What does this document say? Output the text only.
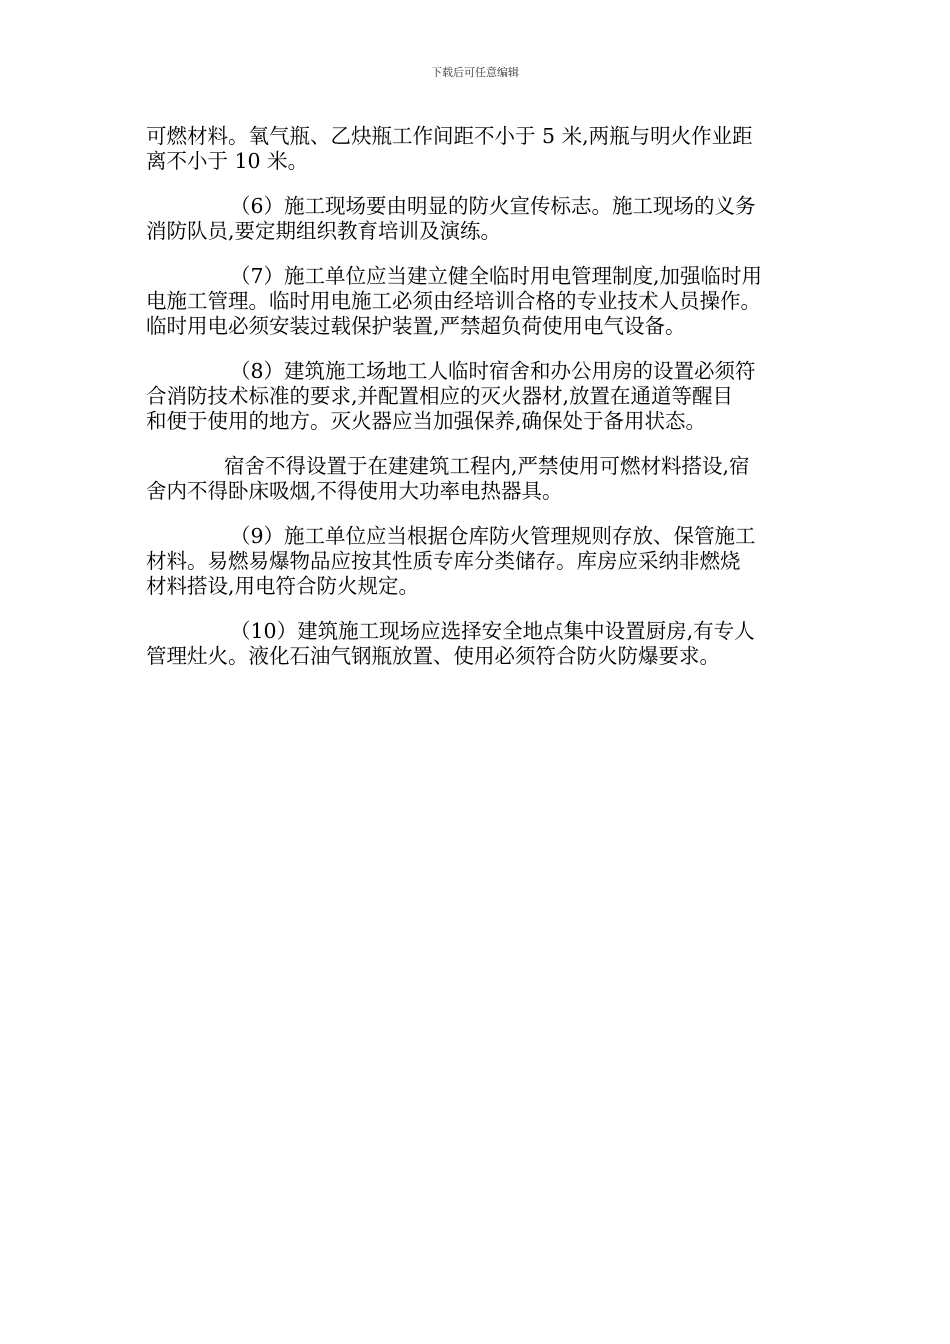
下载后可任意编辑
可燃材料。氧气瓶、乙炔瓶工作间距不小于 5 米,两瓶与明火作业距
离不小于 10 米。
（6）施工现场要由明显的防火宣传标志。施工现场的义务
消防队员,要定期组织教育培训及演练。
（7）施工单位应当建立健全临时用电管理制度,加强临时用
电施工管理。临时用电施工必须由经培训合格的专业技术人员操作。
临时用电必须安装过载保护装置,严禁超负荷使用电气设备。
（8）建筑施工场地工人临时宿舍和办公用房的设置必须符
合消防技术标准的要求,并配置相应的灭火器材,放置在通道等醒目
和便于使用的地方。灭火器应当加强保养,确保处于备用状态。
宿舍不得设置于在建建筑工程内,严禁使用可燃材料搭设,宿
舍内不得卧床吸烟,不得使用大功率电热器具。
（9）施工单位应当根据仓库防火管理规则存放、保管施工
材料。易燃易爆物品应按其性质专库分类储存。库房应采纳非燃烧
材料搭设,用电符合防火规定。
（10）建筑施工现场应选择安全地点集中设置厨房,有专人
管理灶火。液化石油气钢瓶放置、使用必须符合防火防爆要求。
